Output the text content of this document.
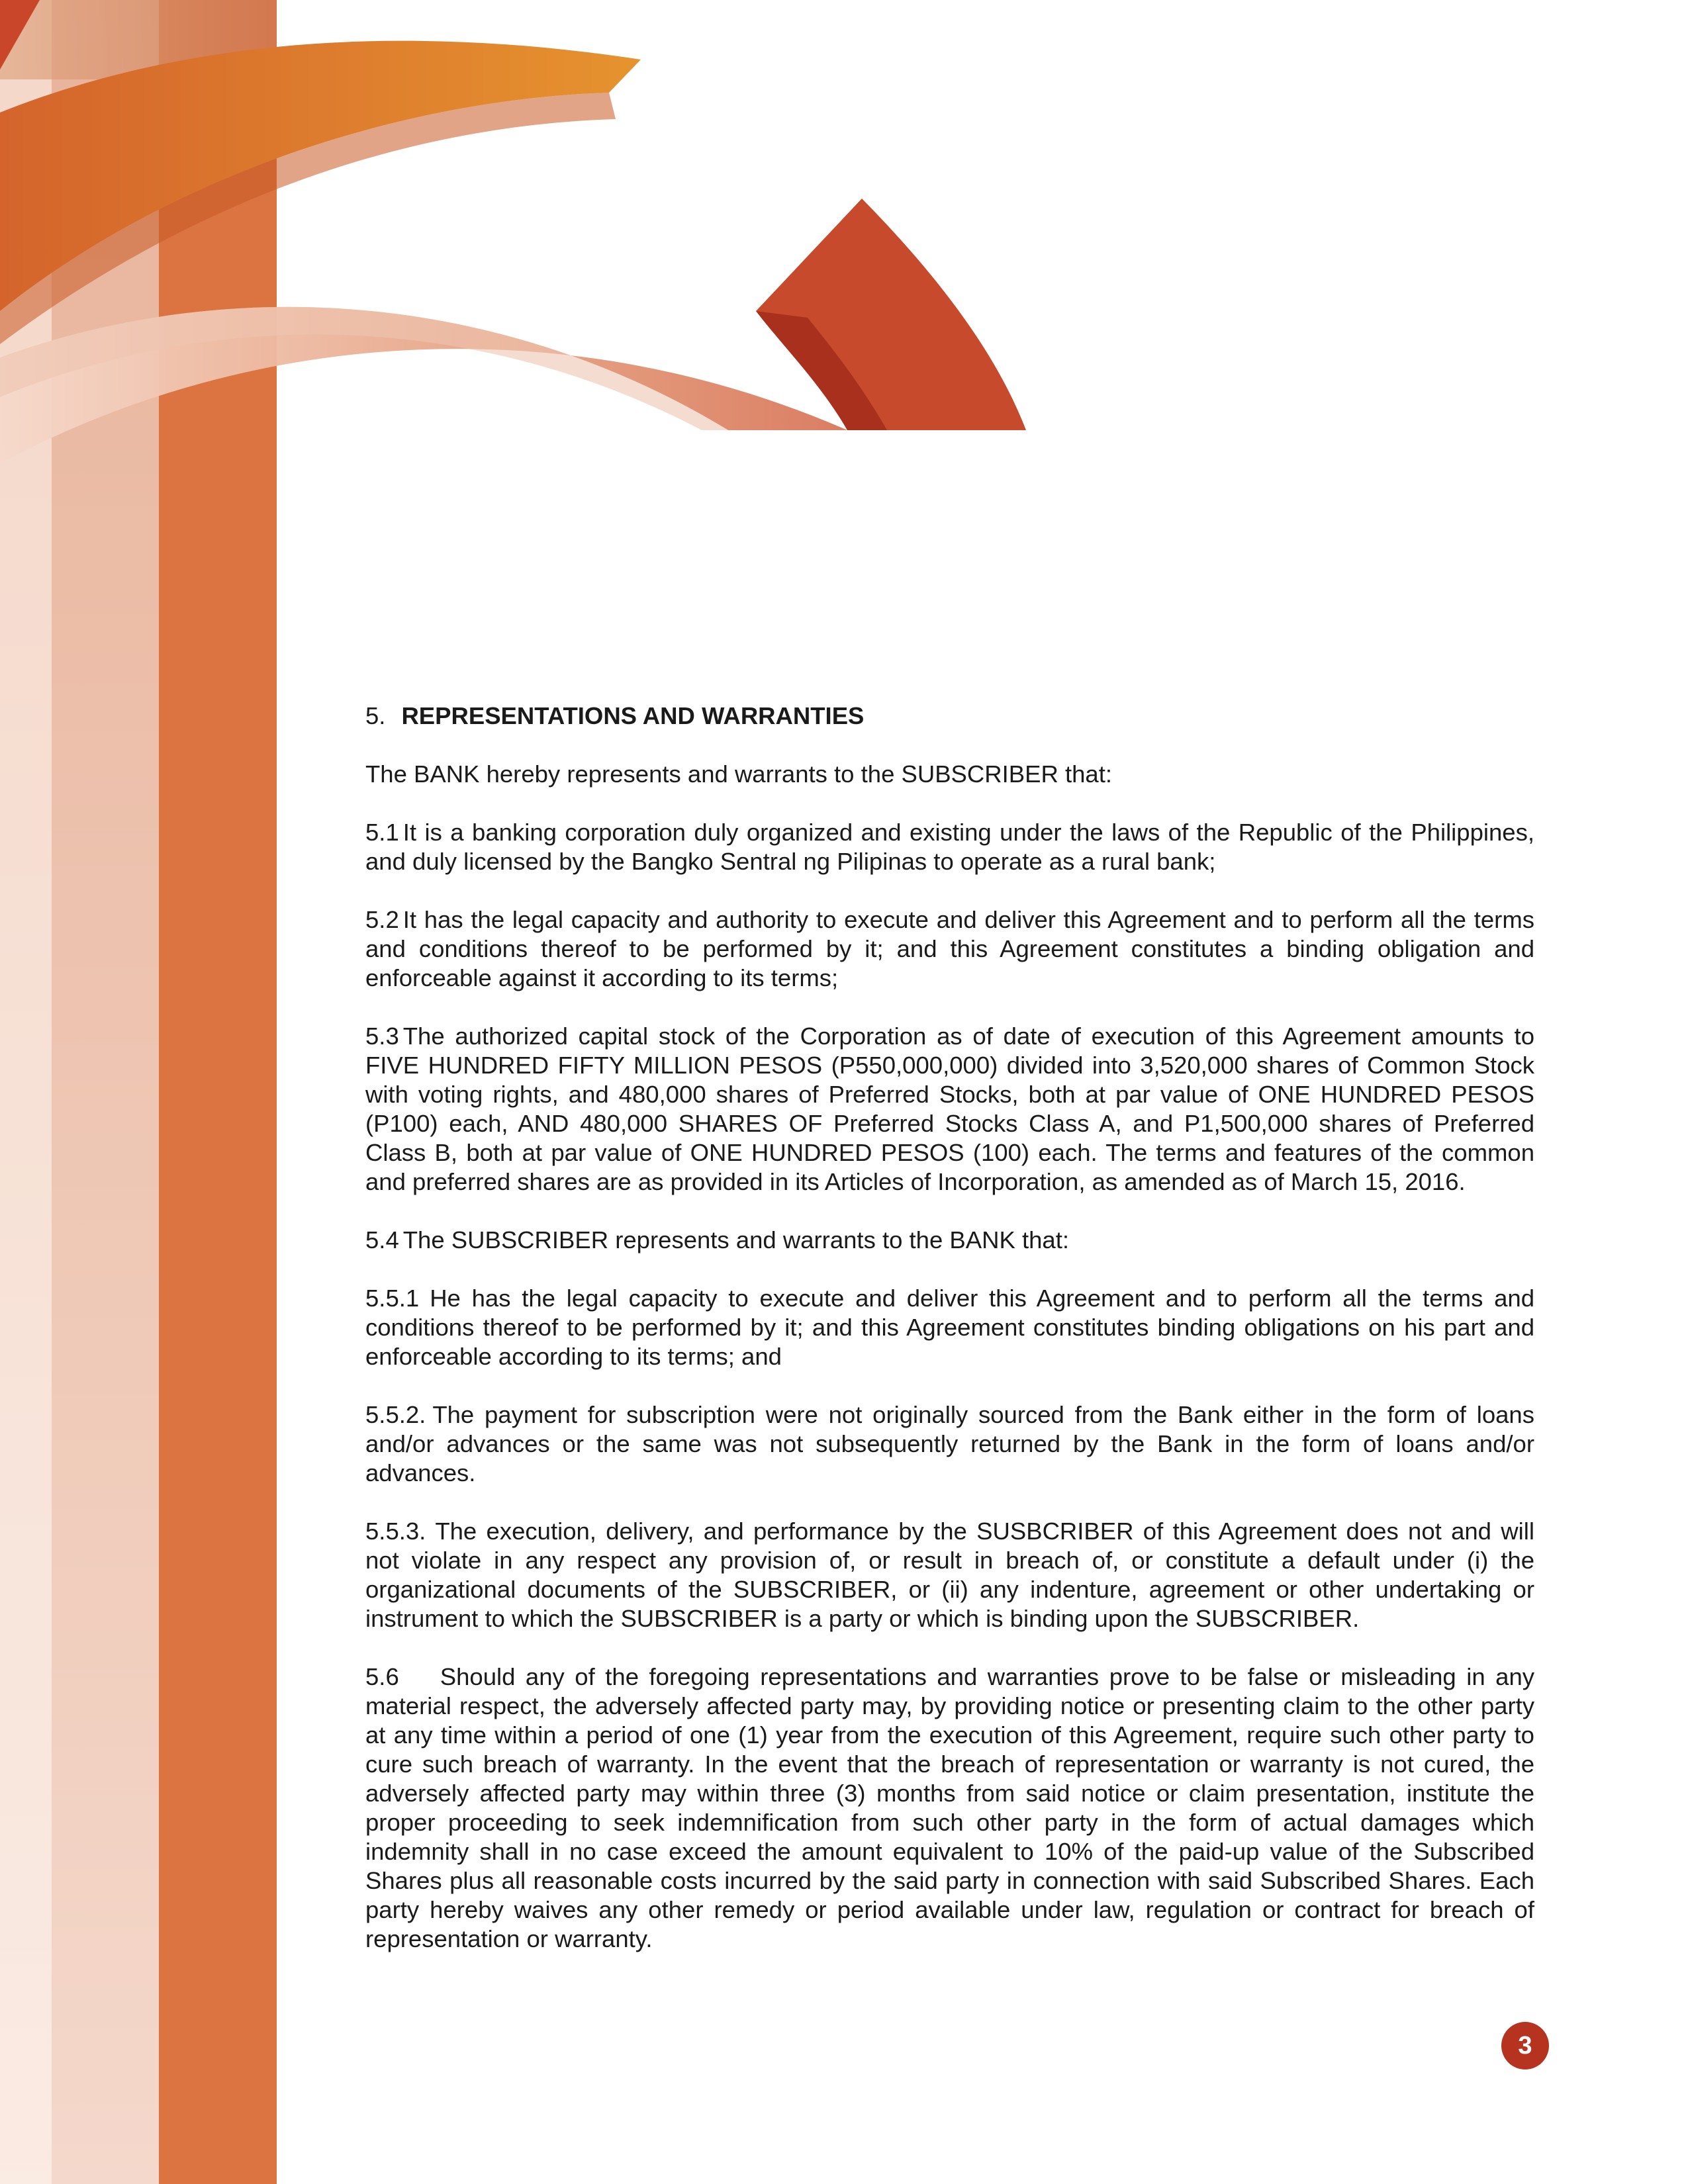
5. REPRESENTATIONS AND WARRANTIES

The BANK hereby represents and warrants to the SUBSCRIBER that:

5.1 It is a banking corporation duly organized and existing under the laws of the Republic of the Philippines, and duly licensed by the Bangko Sentral ng Pilipinas to operate as a rural bank;

5.2 It has the legal capacity and authority to execute and deliver this Agreement and to perform all the terms and conditions thereof to be performed by it; and this Agreement constitutes a binding obligation and enforceable against it according to its terms;

5.3 The authorized capital stock of the Corporation as of date of execution of this Agreement amounts to FIVE HUNDRED FIFTY MILLION PESOS (P550,000,000) divided into 3,520,000 shares of Common Stock with voting rights, and 480,000 shares of Preferred Stocks, both at par value of ONE HUNDRED PESOS (P100) each, AND 480,000 SHARES OF Preferred Stocks Class A, and P1,500,000 shares of Preferred Class B, both at par value of ONE HUNDRED PESOS (100) each. The terms and features of the common and preferred shares are as provided in its Articles of Incorporation, as amended as of March 15, 2016.

5.4 The SUBSCRIBER represents and warrants to the BANK that:

5.5.1 He has the legal capacity to execute and deliver this Agreement and to perform all the terms and conditions thereof to be performed by it; and this Agreement constitutes binding obligations on his part and enforceable according to its terms; and

5.5.2. The payment for subscription were not originally sourced from the Bank either in the form of loans and/or advances or the same was not subsequently returned by the Bank in the form of loans and/or advances.

5.5.3. The execution, delivery, and performance by the SUSBCRIBER of this Agreement does not and will not violate in any respect any provision of, or result in breach of, or constitute a default under (i) the organizational documents of the SUBSCRIBER, or (ii) any indenture, agreement or other undertaking or instrument to which the SUBSCRIBER is a party or which is binding upon the SUBSCRIBER.

5.6 Should any of the foregoing representations and warranties prove to be false or misleading in any material respect, the adversely affected party may, by providing notice or presenting claim to the other party at any time within a period of one (1) year from the execution of this Agreement, require such other party to cure such breach of warranty. In the event that the breach of representation or warranty is not cured, the adversely affected party may within three (3) months from said notice or claim presentation, institute the proper proceeding to seek indemnification from such other party in the form of actual damages which indemnity shall in no case exceed the amount equivalent to 10% of the paid-up value of the Subscribed Shares plus all reasonable costs incurred by the said party in connection with said Subscribed Shares. Each party hereby waives any other remedy or period available under law, regulation or contract for breach of representation or warranty.

3
